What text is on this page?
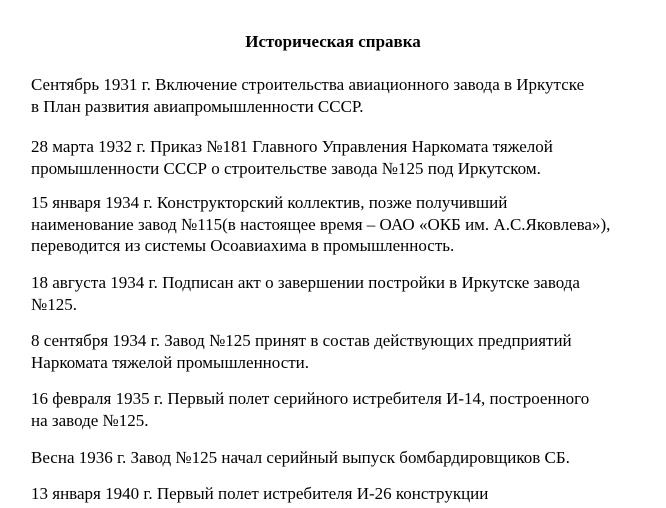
Историческая справка

Сентябрь 1931 г. Включение строительства авиационного завода в Иркутске
в План развития авиапромышленности СССР.

28 марта 1932 г. Приказ №181 Главного Управления Наркомата тяжелой
промышленности СССР о строительстве завода №125 под Иркутском.

15 января 1934 г. Конструкторский коллектив, позже получивший
наименование завод №115(в настоящее время – ОАО «ОКБ им. А.С.Яковлева»),
переводится из системы Осоавиахима в промышленность.

18 августа 1934 г. Подписан акт о завершении постройки в Иркутске завода
№125.

8 сентября 1934 г. Завод №125 принят в состав действующих предприятий
Наркомата тяжелой промышленности.

16 февраля 1935 г. Первый полет серийного истребителя И-14, построенного
на заводе №125.

Весна 1936 г. Завод №125 начал серийный выпуск бомбардировщиков СБ.

13 января 1940 г. Первый полет истребителя И-26 конструкции
